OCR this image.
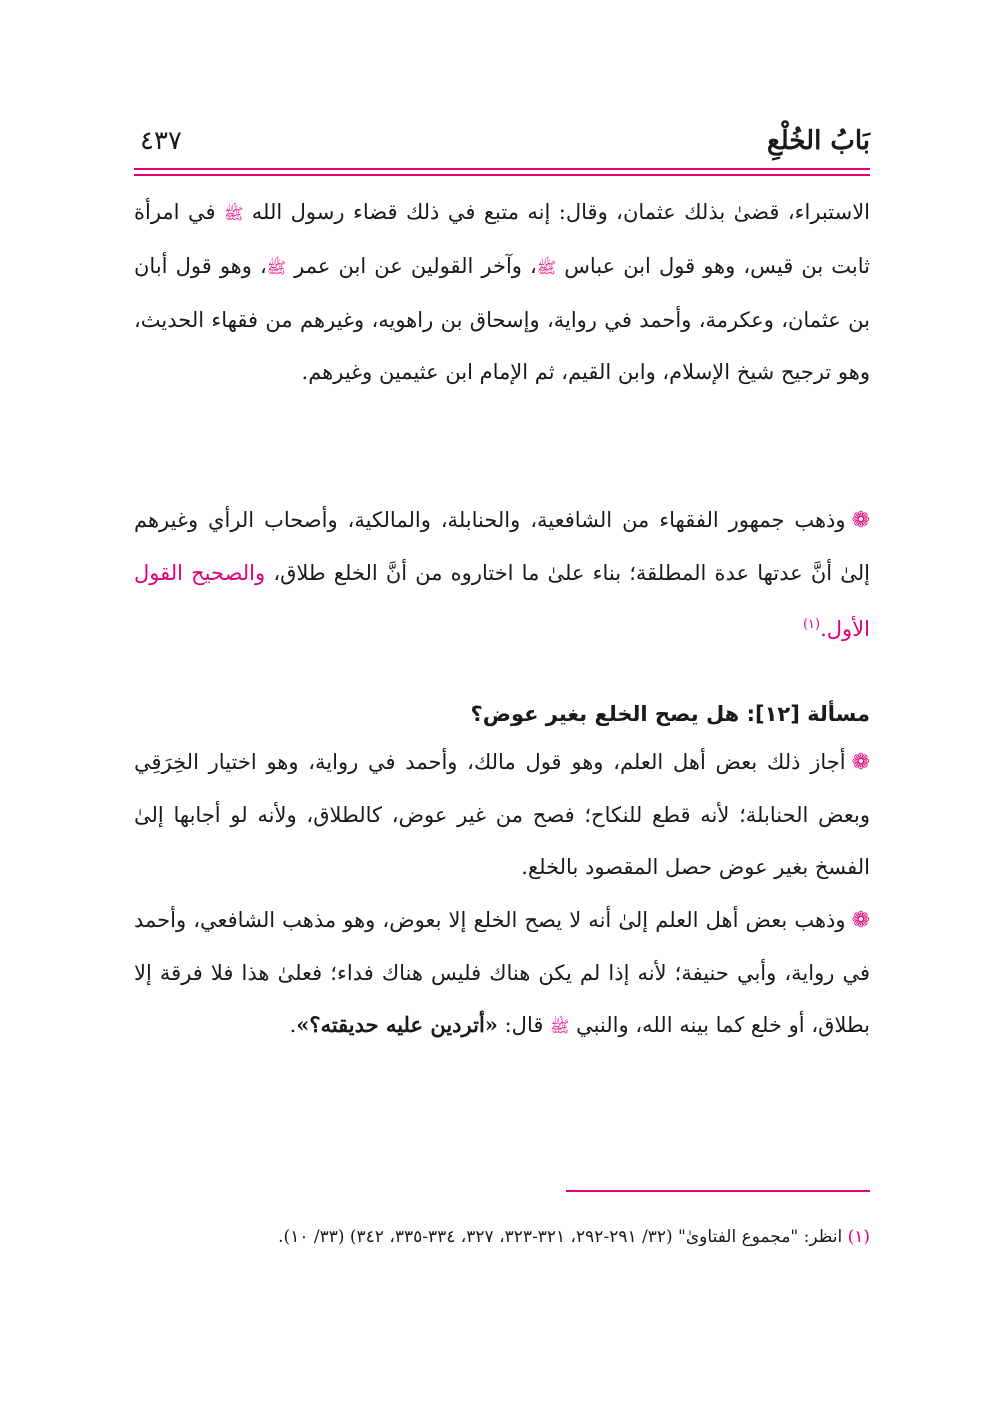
بَابُ الخُلْعِ
٤٣٧

الاستبراء، قضىٰ بذلك عثمان، وقال: إنه متبع في ذلك قضاء رسول الله ﷺ في امرأة ثابت بن قيس، وهو قول ابن عباس ﷺ، وآخر القولين عن ابن عمر ﷺ، وهو قول أبان بن عثمان، وعكرمة، وأحمد في رواية، وإسحاق بن راهويه، وغيرهم من فقهاء الحديث، وهو ترجيح شيخ الإسلام، وابن القيم، ثم الإمام ابن عثيمين وغيرهم.

❁وذهب جمهور الفقهاء من الشافعية، والحنابلة، والمالكية، وأصحاب الرأي وغيرهم إلىٰ أنَّ عدتها عدة المطلقة؛ بناء علىٰ ما اختاروه من أنَّ الخلع طلاق، والصحيح القول الأول.$^{(١)}$

مسألة [١٢]: هل يصح الخلع بغير عوض؟

❁أجاز ذلك بعض أهل العلم، وهو قول مالك، وأحمد في رواية، وهو اختيار الخِرَقِي وبعض الحنابلة؛ لأنه قطع للنكاح؛ فصح من غير عوض، كالطلاق، ولأنه لو أجابها إلىٰ الفسخ بغير عوض حصل المقصود بالخلع.

❁وذهب بعض أهل العلم إلىٰ أنه لا يصح الخلع إلا بعوض، وهو مذهب الشافعي، وأحمد في رواية، وأبي حنيفة؛ لأنه إذا لم يكن هناك فليس هناك فداء؛ فعلىٰ هذا فلا فرقة إلا بطلاق، أو خلع كما بينه الله، والنبي ﷺ قال: «أتردين عليه حديقته؟».

(١) انظر: "مجموع الفتاوىٰ" (٣٢/ ٢٩١-٢٩٢، ٣٢١-٣٢٣، ٣٢٧، ٣٣٤-٣٣٥، ٣٤٢) (٣٣/ ١٠).
